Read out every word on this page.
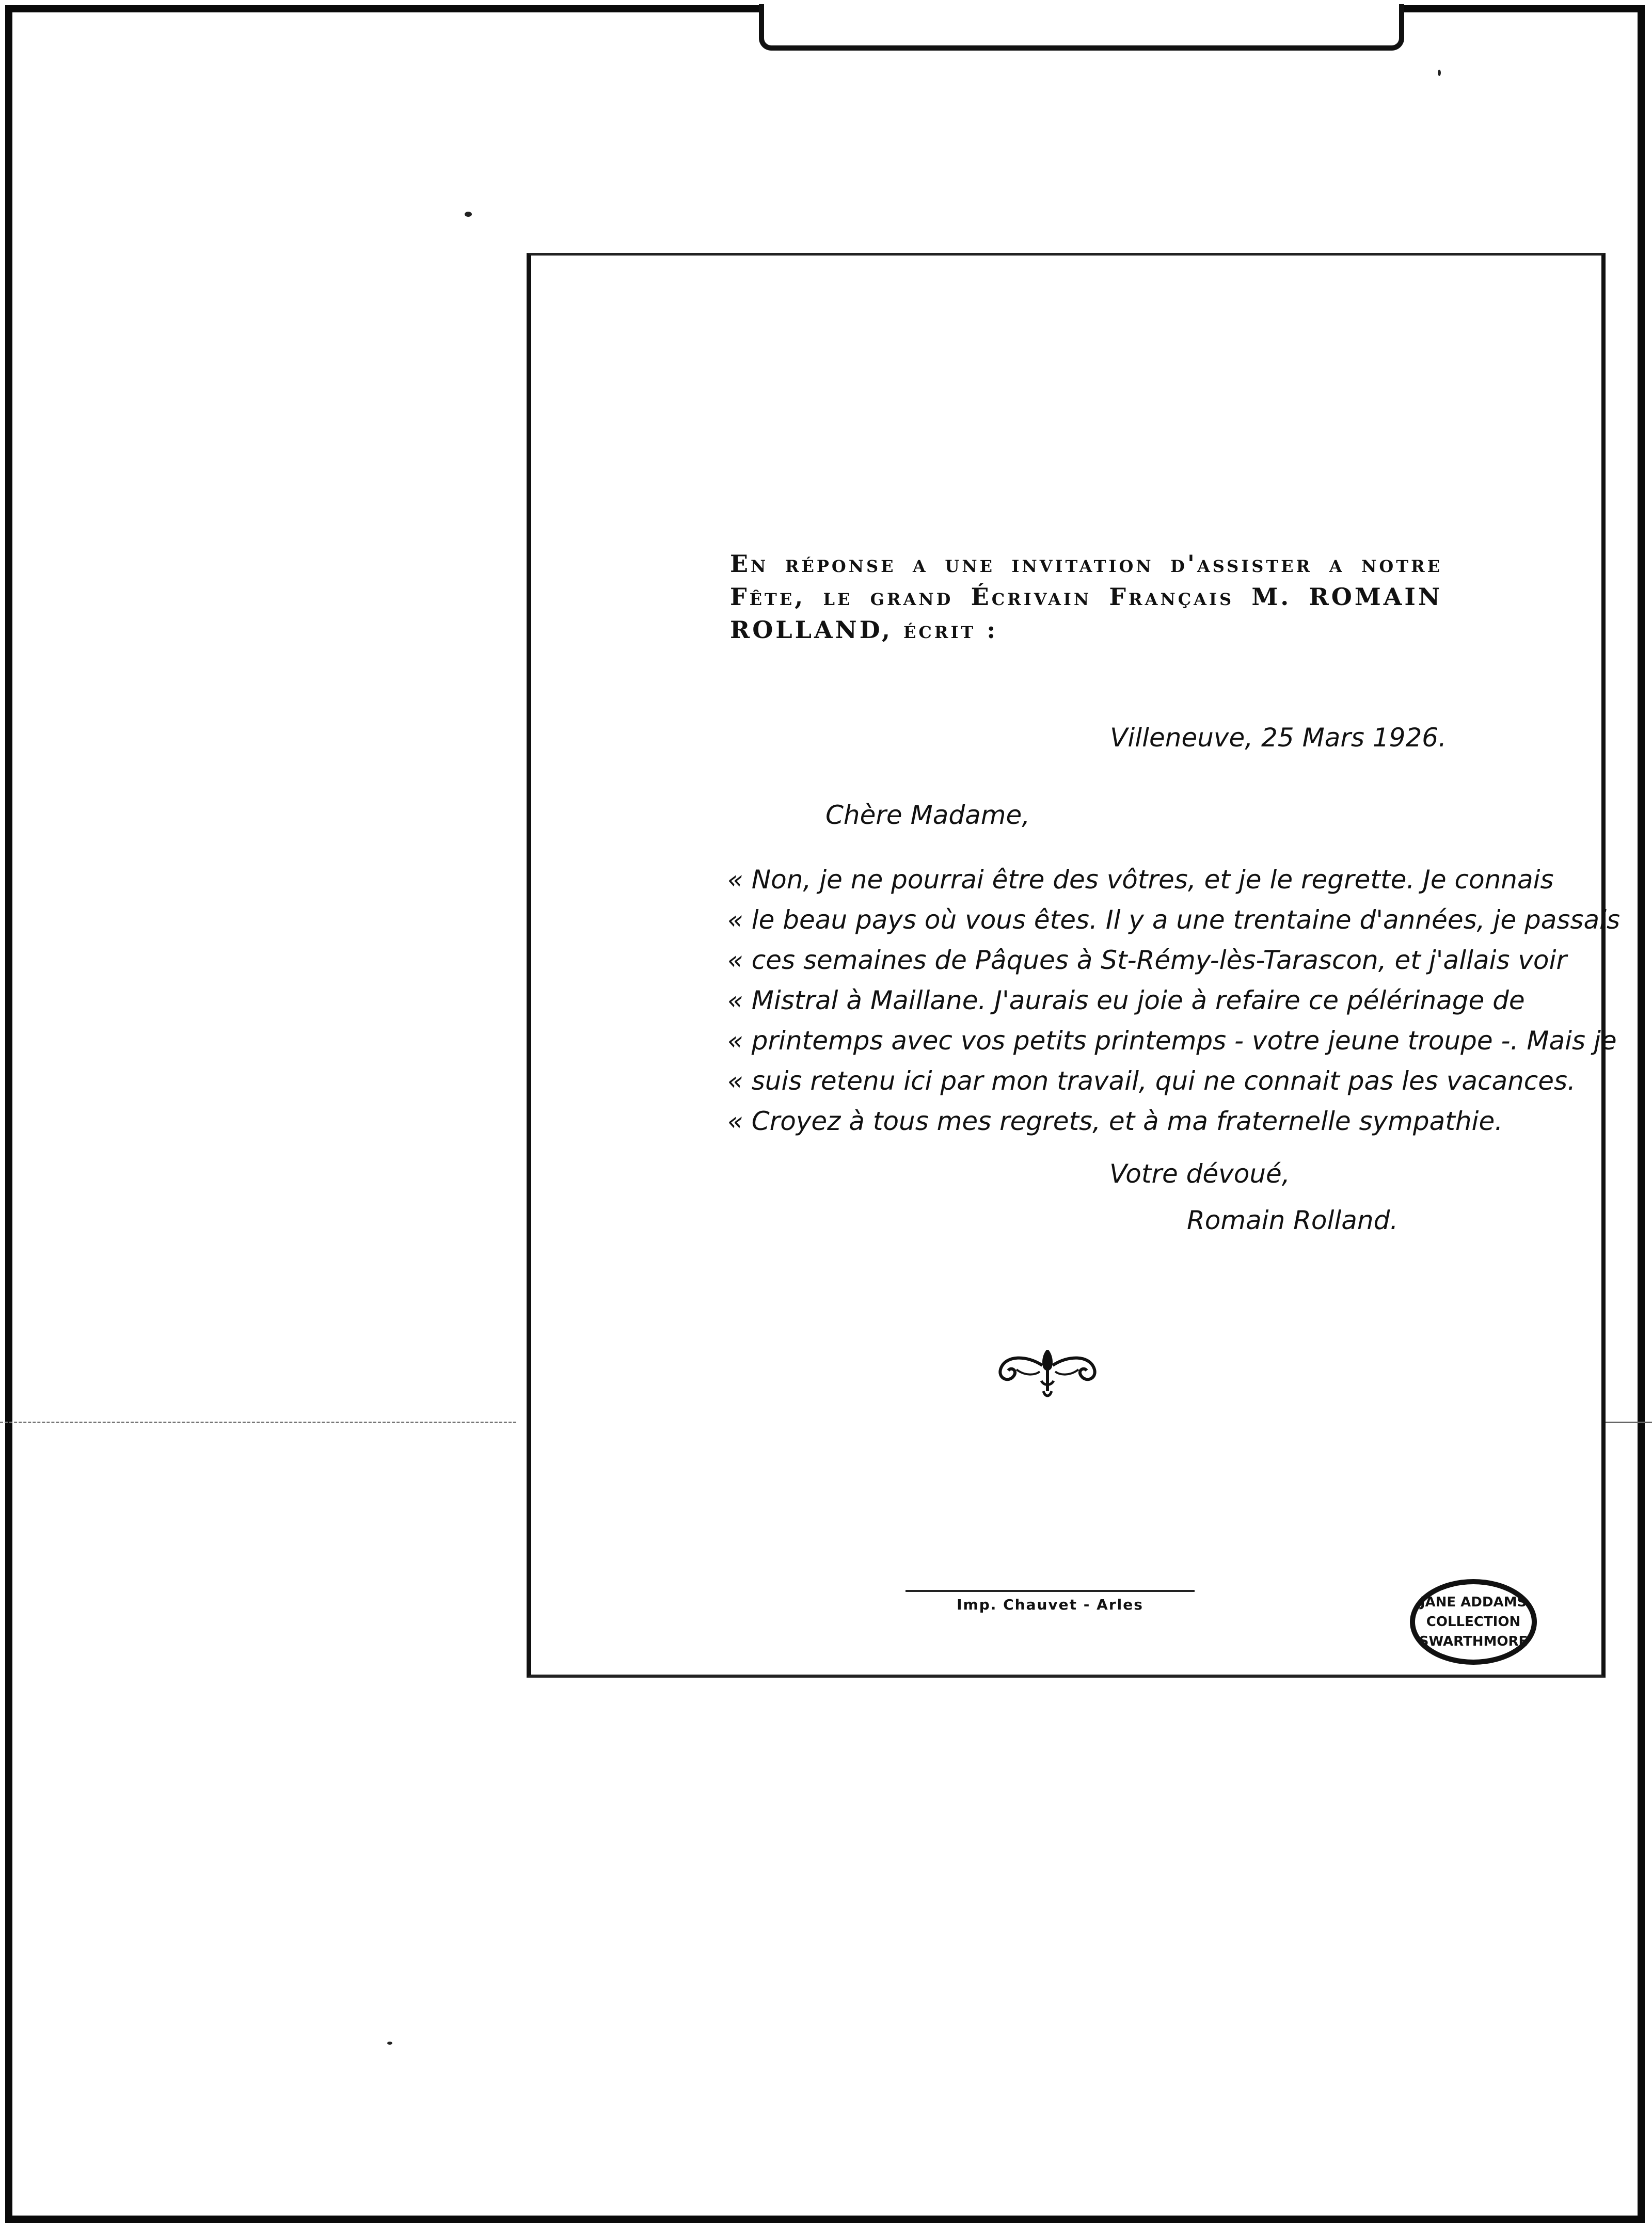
En réponse a une invitation d'assister a notre Fête, le grand Écrivain Français M. ROMAIN ROLLAND, écrit :
Villeneuve, 25 Mars 1926.
Chère Madame,
« Non, je ne pourrai être des vôtres, et je le regrette. Je connais
« le beau pays où vous êtes. Il y a une trentaine d'années, je passais
« ces semaines de Pâques à St-Rémy-lès-Tarascon, et j'allais voir
« Mistral à Maillane. J'aurais eu joie à refaire ce pélérinage de
« printemps avec vos petits printemps - votre jeune troupe -. Mais je
« suis retenu ici par mon travail, qui ne connait pas les vacances.
« Croyez à tous mes regrets, et à ma fraternelle sympathie.
Votre dévoué,
Romain Rolland.
Imp. Chauvet - Arles	JANE ADDAMS
COLLECTION
SWARTHMORE
